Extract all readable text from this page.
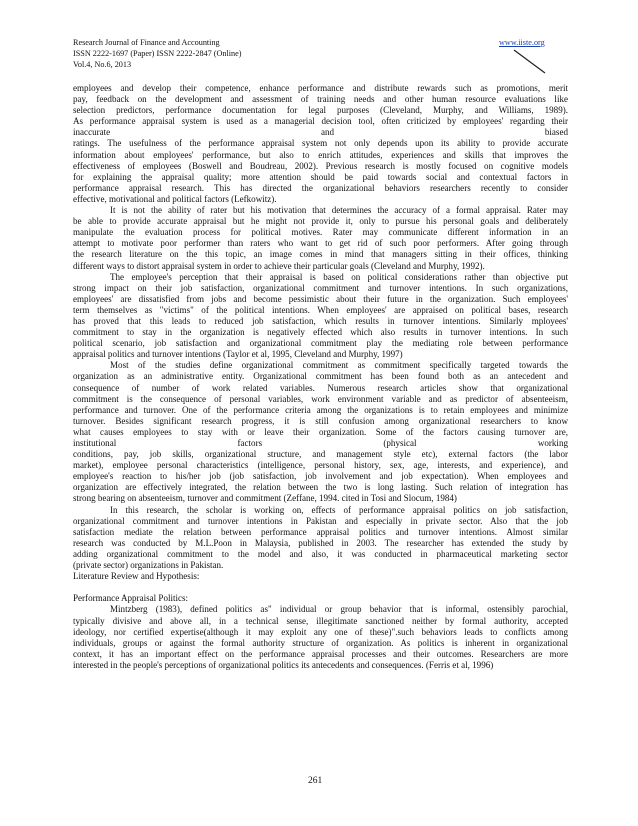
Research Journal of Finance and Accounting
ISSN 2222-1697 (Paper) ISSN 2222-2847 (Online)
Vol.4, No.6, 2013
www.iiste.org
employees and develop their competence, enhance performance and distribute rewards such as promotions, merit
pay, feedback on the development and assessment of training needs and other human resource evaluations like
selection predictors, performance documentation for legal purposes (Cleveland, Murphy, and Williams, 1989).
As performance appraisal system is used as a managerial decision tool, often criticized by employees' regarding their
inaccurate and biased
ratings. The usefulness of the performance appraisal system not only depends upon its ability to provide accurate
information about employees' performance, but also to enrich attitudes, experiences and skills that improves the
effectiveness of employees (Boswell and Boudreau, 2002). Previous research is mostly focused on cognitive models
for explaining the appraisal quality; more attention should be paid towards social and contextual factors in
performance appraisal research. This has directed the organizational behaviors researchers recently to consider
effective, motivational and political factors (Lefkowitz).
It is not the ability of rater but his motivation that determines the accuracy of a formal appraisal. Rater may
be able to provide accurate appraisal but he might not provide it, only to pursue his personal goals and deliberately
manipulate the evaluation process for political motives. Rater may communicate different information in an
attempt to motivate poor performer than raters who want to get rid of such poor performers. After going through
the research literature on the this topic, an image comes in mind that managers sitting in their offices, thinking
different ways to distort appraisal system in order to achieve their particular goals (Cleveland and Murphy, 1992).
The employee's perception that their appraisal is based on political considerations rather than objective put
strong impact on their job satisfaction, organizational commitment and turnover intentions. In such organizations,
employees' are dissatisfied from jobs and become pessimistic about their future in the organization. Such employees'
term themselves as "victims" of the political intentions. When employees' are appraised on political bases, research
has proved that this leads to reduced job satisfaction, which results in turnover intentions. Similarly mployees'
commitment to stay in the organization is negatively effected which also results in turnover intentions. In such
political scenario, job satisfaction and organizational commitment play the mediating role between performance
appraisal politics and turnover intentions (Taylor et al, 1995, Cleveland and Murphy, 1997)
Most of the studies define organizational commitment as commitment specifically targeted towards the
organization as an administrative entity. Organizational commitment has been found both as an antecedent and
consequence of number of work related variables. Numerous research articles show that organizational
commitment is the consequence of personal variables, work environment variable and as predictor of absenteeism,
performance and turnover. One of the performance criteria among the organizations is to retain employees and minimize
turnover. Besides significant research progress, it is still confusion among organizational researchers to know
what causes employees to stay with or leave their organization. Some of the factors causing turnover are,
institutional factors (physical working
conditions, pay, job skills, organizational structure, and management style etc), external factors (the labor
market), employee personal characteristics (intelligence, personal history, sex, age, interests, and experience), and
employee's reaction to his/her job (job satisfaction, job involvement and job expectation). When employees and
organization are effectively integrated, the relation between the two is long lasting. Such relation of integration has
strong bearing on absenteeism, turnover and commitment (Zeffane, 1994. cited in Tosi and Slocum, 1984)
In this research, the scholar is working on, effects of performance appraisal politics on job satisfaction,
organizational commitment and turnover intentions in Pakistan and especially in private sector. Also that the job
satisfaction mediate the relation between performance appraisal politics and turnover intentions. Almost similar
research was conducted by M.L.Poon in Malaysia, published in 2003. The researcher has extended the study by
adding organizational commitment to the model and also, it was conducted in pharmaceutical marketing sector
(private sector) organizations in Pakistan.
Literature Review and Hypothesis:
Performance Appraisal Politics:
Mintzberg (1983), defined politics as" individual or group behavior that is informal, ostensibly parochial,
typically divisive and above all, in a technical sense, illegitimate sanctioned neither by formal authority, accepted
ideology, nor certified expertise(although it may exploit any one of these)".such behaviors leads to conflicts among
individuals, groups or against the formal authority structure of organization. As politics is inherent in organizational
context, it has an important effect on the performance appraisal processes and their outcomes. Researchers are more
interested in the people's perceptions of organizational politics its antecedents and consequences. (Ferris et al, 1996)
261
